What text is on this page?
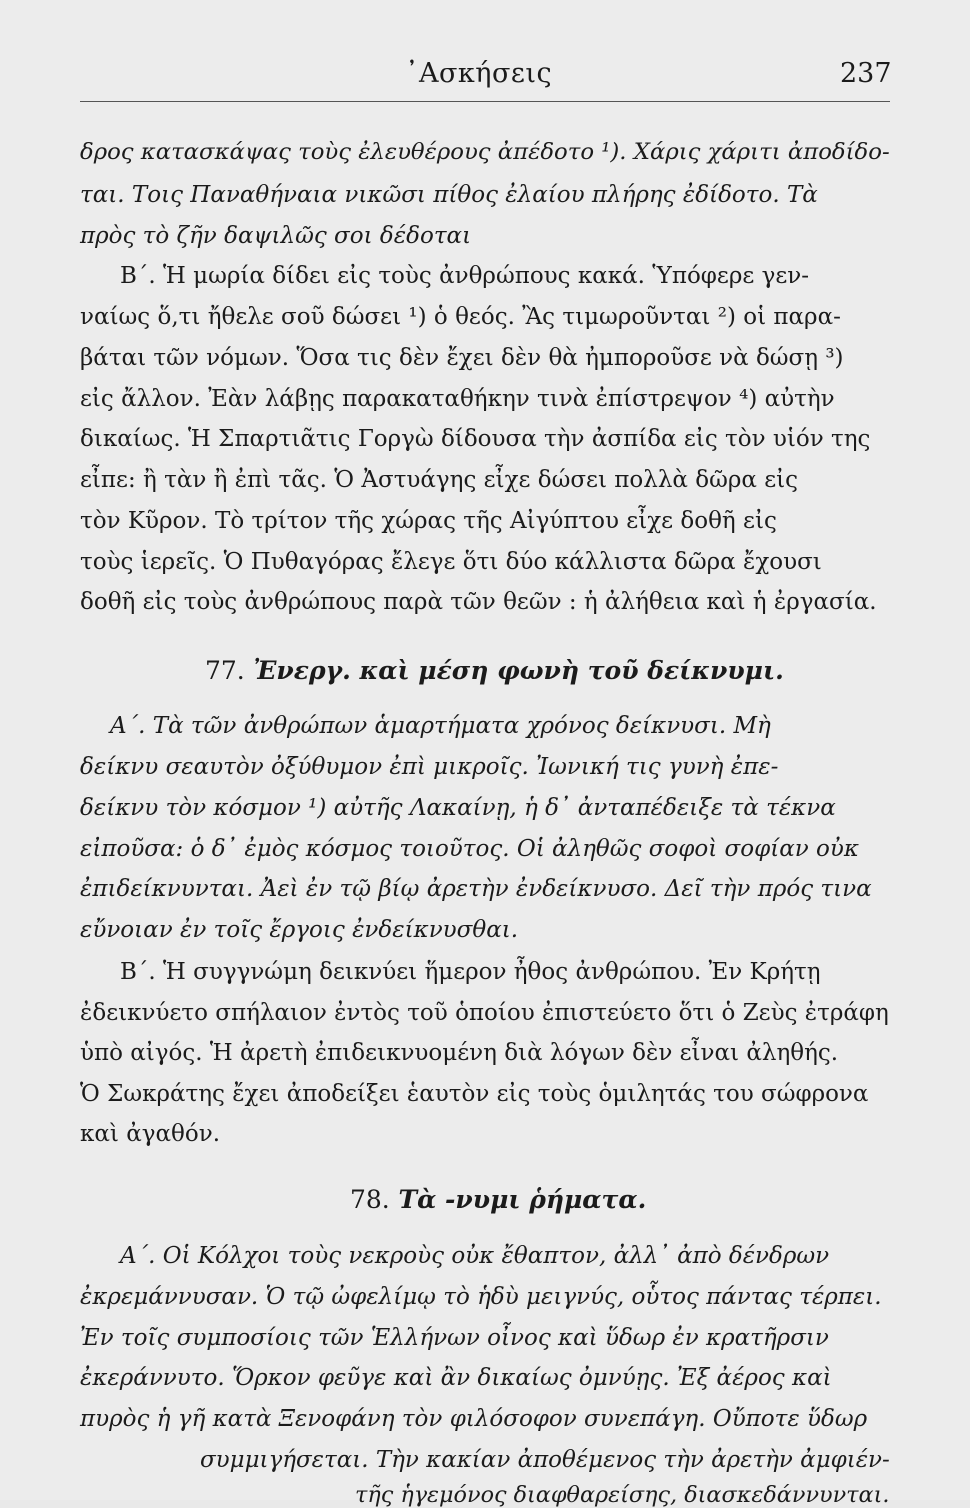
᾿Ασκήσεις	237
δρος κατασκάψας τοὺς ἐλευθέρους ἀπέδοτο ¹). Χάρις χάριτι ἀποδίδο-
ται. Τοις Παναθήναια νικῶσι πίθος ἐλαίου πλήρης ἐδίδοτο. Τὰ
πρὸς τὸ ζῆν δαψιλῶς σοι δέδοται
Β΄. Ἡ μωρία δίδει εἰς τοὺς ἀνθρώπους κακά. Ὑπόφερε γεν-
ναίως ὅ,τι ἤθελε σοῦ δώσει ¹) ὁ θεός. Ἂς τιμωροῦνται ²) οἱ παρα-
βάται τῶν νόμων. Ὅσα τις δὲν ἔχει δὲν θὰ ἠμποροῦσε νὰ δώσῃ ³)
εἰς ἄλλον. Ἐὰν λάβῃς παρακαταθήκην τινὰ ἐπίστρεψον ⁴) αὐτὴν
δικαίως. Ἡ Σπαρτιᾶτις Γοργὼ δίδουσα τὴν ἀσπίδα εἰς τὸν υἱόν της
εἶπε: ἢ τὰν ἢ ἐπὶ τᾶς. Ὁ Ἀστυάγης εἶχε δώσει πολλὰ δῶρα εἰς
τὸν Κῦρον. Τὸ τρίτον τῆς χώρας τῆς Αἰγύπτου εἶχε δοθῆ εἰς
τοὺς ἱερεῖς. Ὁ Πυθαγόρας ἔλεγε ὅτι δύο κάλλιστα δῶρα ἔχουσι
δοθῆ εἰς τοὺς ἀνθρώπους παρὰ τῶν θεῶν : ἡ ἀλήθεια καὶ ἡ ἐργασία.
77. Ἐνεργ. καὶ μέση φωνὴ τοῦ δείκνυμι.
Α΄. Τὰ τῶν ἀνθρώπων ἁμαρτήματα χρόνος δείκνυσι. Μὴ
δείκνυ σεαυτὸν ὀξύθυμον ἐπὶ μικροῖς. Ἰωνική τις γυνὴ ἐπε-
δείκνυ τὸν κόσμον ¹) αὐτῆς Λακαίνῃ, ἡ δ᾿ ἀνταπέδειξε τὰ τέκνα
εἰποῦσα: ὁ δ᾿ ἐμὸς κόσμος τοιοῦτος. Οἱ ἀληθῶς σοφοὶ σοφίαν οὐκ
ἐπιδείκνυνται. Ἀεὶ ἐν τῷ βίῳ ἀρετὴν ἐνδείκνυσο. Δεῖ τὴν πρός τινα
εὔνοιαν ἐν τοῖς ἔργοις ἐνδείκνυσθαι.
Β΄. Ἡ συγγνώμη δεικνύει ἥμερον ἦθος ἀνθρώπου. Ἐν Κρήτῃ
ἐδεικνύετο σπήλαιον ἐντὸς τοῦ ὁποίου ἐπιστεύετο ὅτι ὁ Ζεὺς ἐτράφη
ὑπὸ αἰγός. Ἡ ἀρετὴ ἐπιδεικνυομένη διὰ λόγων δὲν εἶναι ἀληθής.
Ὁ Σωκράτης ἔχει ἀποδείξει ἑαυτὸν εἰς τοὺς ὁμιλητάς του σώφρονα
καὶ ἀγαθόν.
78. Τὰ -νυμι ῥήματα.
Α΄. Οἱ Κόλχοι τοὺς νεκροὺς οὐκ ἔθαπτον, ἀλλ᾿ ἀπὸ δένδρων
ἐκρεμάννυσαν. Ὁ τῷ ὠφελίμῳ τὸ ἡδὺ μειγνύς, οὗτος πάντας τέρπει.
Ἐν τοῖς συμποσίοις τῶν Ἑλλήνων οἶνος καὶ ὕδωρ ἐν κρατῆρσιν
ἐκεράννυτο. Ὅρκον φεῦγε καὶ ἂν δικαίως ὀμνύῃς. Ἐξ ἀέρος καὶ
πυρὸς ἡ γῆ κατὰ Ξενοφάνη τὸν φιλόσοφον συνεπάγη. Οὔποτε ὕδωρ
συμμιγήσεται. Τὴν κακίαν ἀποθέμενος τὴν ἀρετὴν ἀμφιέν-
τῆς ἡγεμόνος διαφθαρείσης, διασκεδάννυνται.
